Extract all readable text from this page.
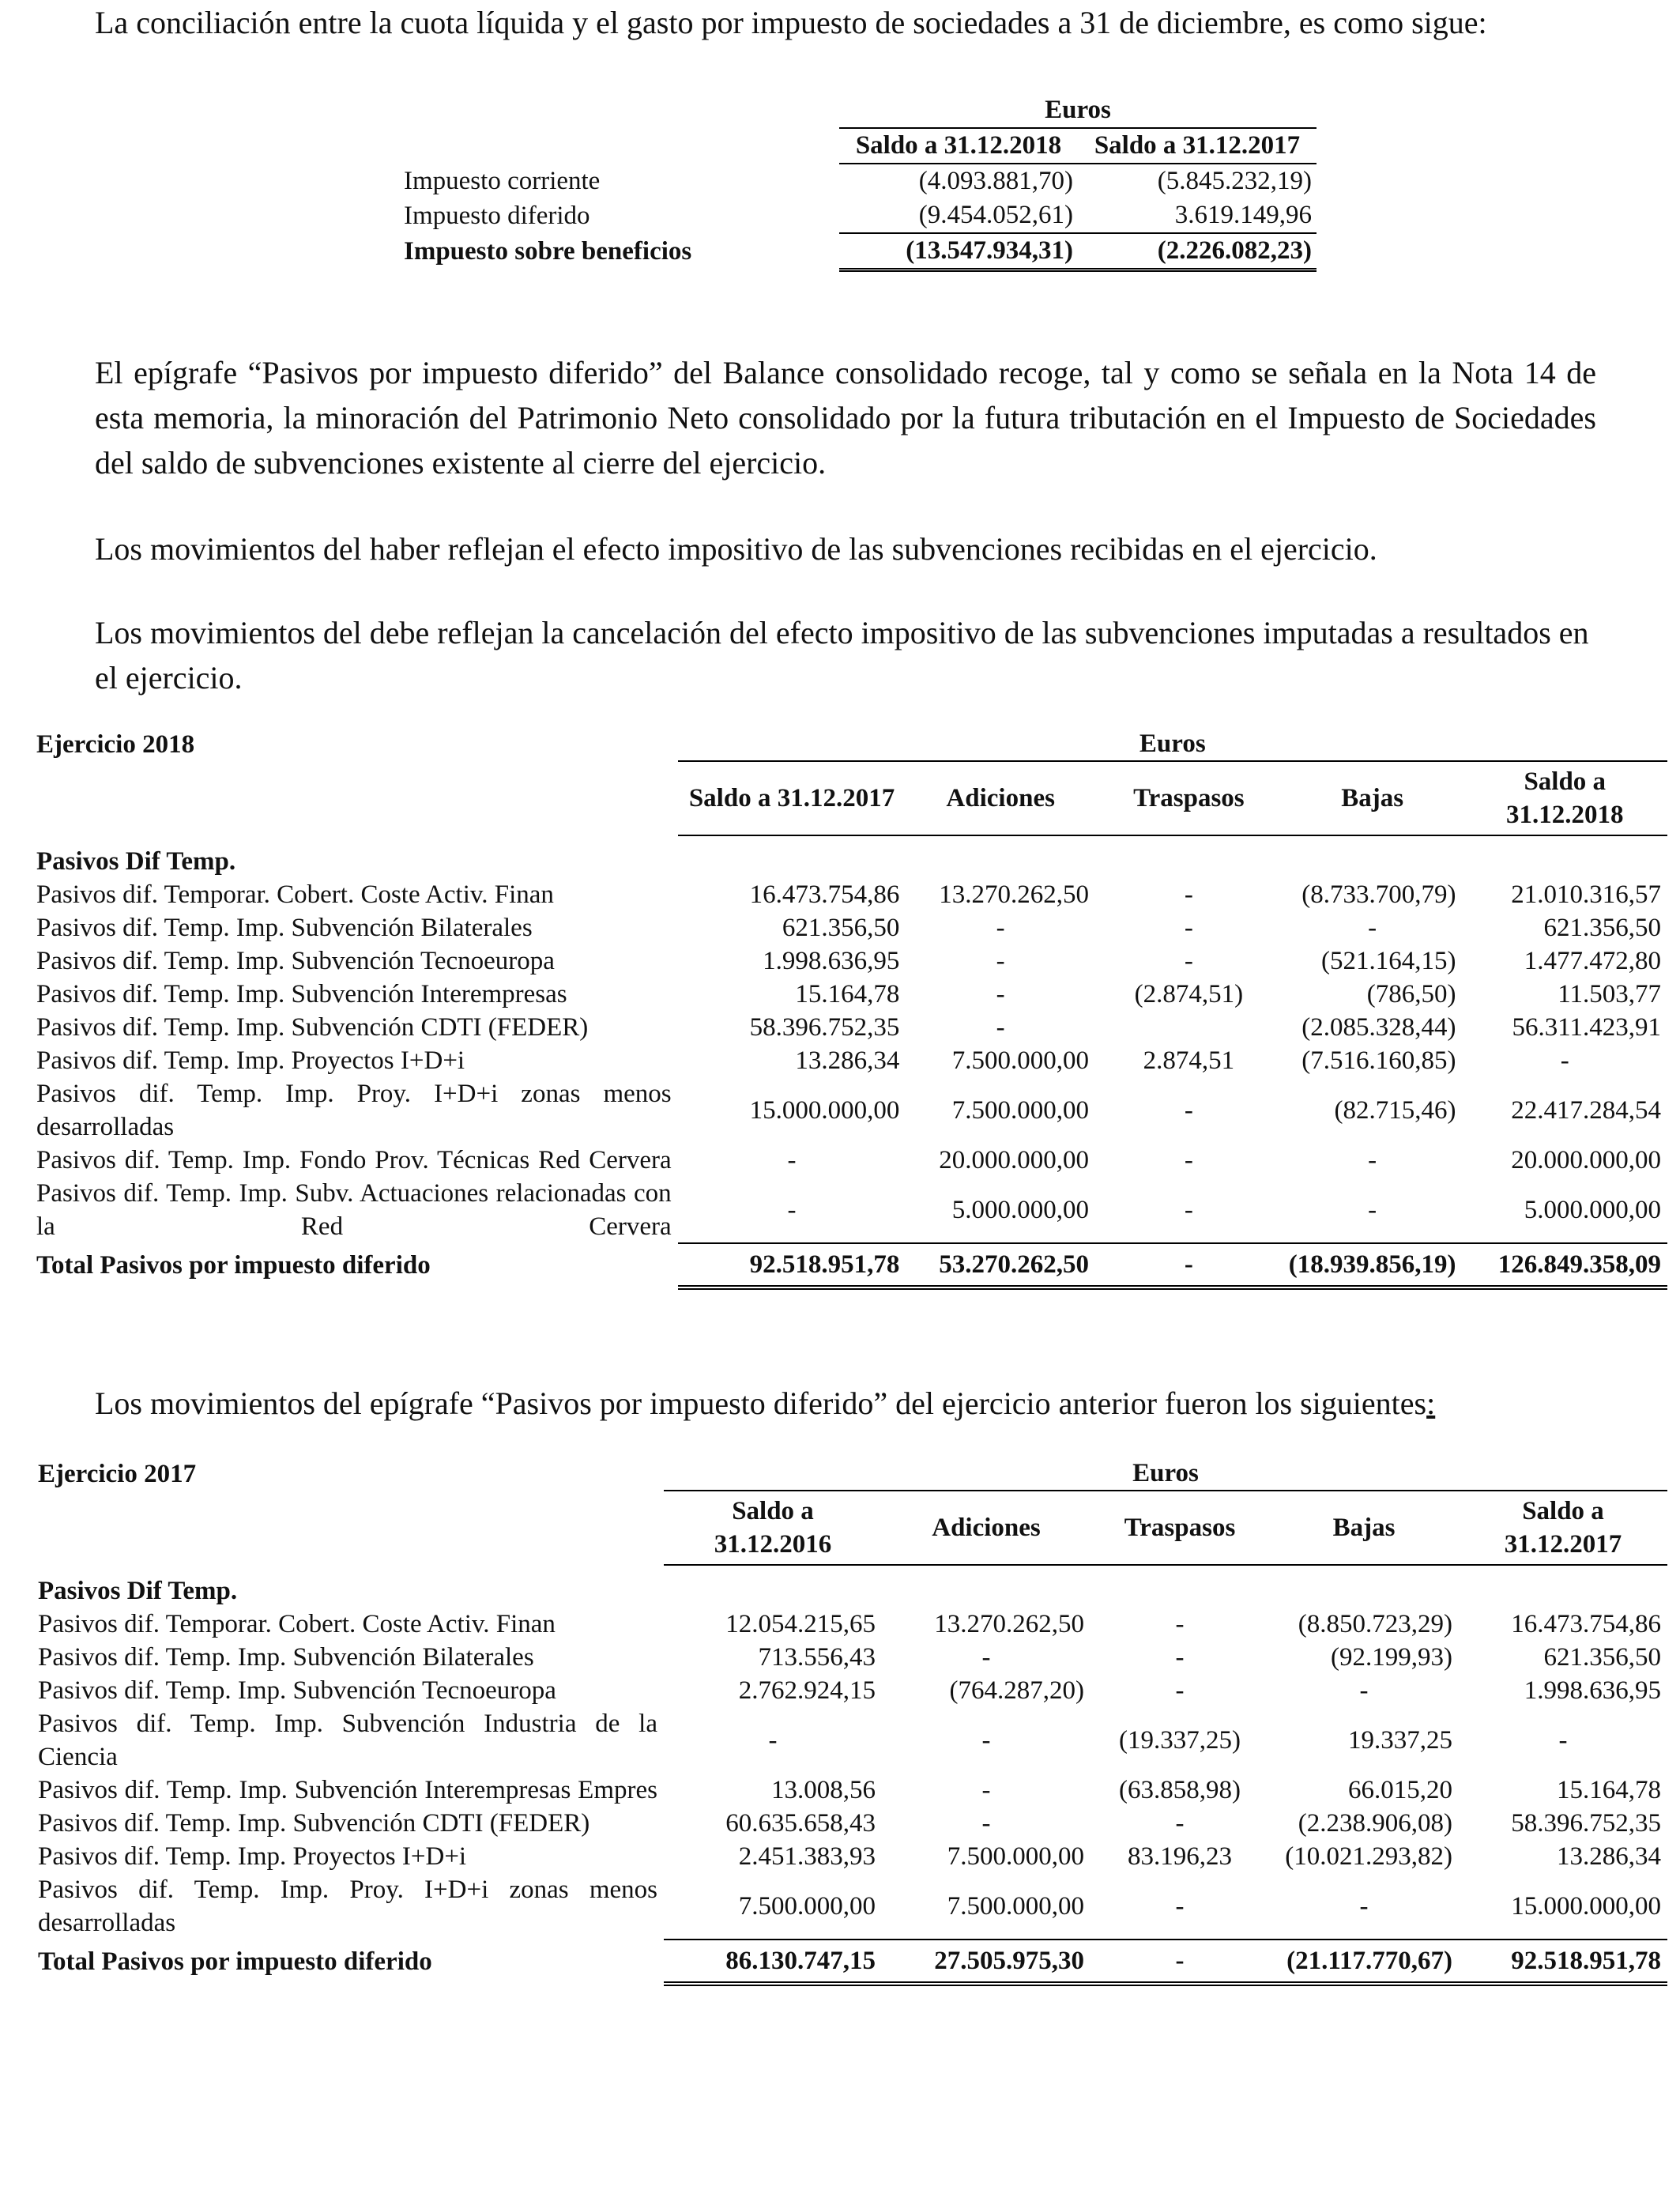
La conciliación entre la cuota líquida y el gasto por impuesto de sociedades a 31 de diciembre, es como sigue:

	Euros	
	Saldo a 31.12.2018	Saldo a 31.12.2017
Impuesto corriente	(4.093.881,70)	(5.845.232,19)
Impuesto diferido	(9.454.052,61)	3.619.149,96
Impuesto sobre beneficios	(13.547.934,31)	(2.226.082,23)

El epígrafe “Pasivos por impuesto diferido” del Balance consolidado recoge, tal y como se señala en la Nota 14 de esta memoria, la minoración del Patrimonio Neto consolidado por la futura tributación en el Impuesto de Sociedades del saldo de subvenciones existente al cierre del ejercicio.

Los movimientos del haber reflejan el efecto impositivo de las subvenciones recibidas en el ejercicio.

Los movimientos del debe reflejan la cancelación del efecto impositivo de las subvenciones imputadas a resultados en el ejercicio.

Ejercicio 2018	Euros				
	Saldo a 31.12.2017	Adiciones	Traspasos	Bajas	Saldo a 31.12.2018
Pasivos Dif Temp.					
Pasivos dif. Temporar. Cobert. Coste Activ. Finan	16.473.754,86	13.270.262,50	-	(8.733.700,79)	21.010.316,57
Pasivos dif. Temp. Imp. Subvención Bilaterales	621.356,50	-	-	-	621.356,50
Pasivos dif. Temp. Imp. Subvención Tecnoeuropa	1.998.636,95	-	-	(521.164,15)	1.477.472,80
Pasivos dif. Temp. Imp. Subvención Interempresas	15.164,78	-	(2.874,51)	(786,50)	11.503,77
Pasivos dif. Temp. Imp. Subvención CDTI (FEDER)	58.396.752,35	-		(2.085.328,44)	56.311.423,91
Pasivos dif. Temp. Imp. Proyectos I+D+i	13.286,34	7.500.000,00	2.874,51	(7.516.160,85)	-
Pasivos dif. Temp. Imp. Proy. I+D+i zonas menos desarrolladas	15.000.000,00	7.500.000,00	-	(82.715,46)	22.417.284,54
Pasivos dif. Temp. Imp. Fondo Prov. Técnicas Red Cervera	-	20.000.000,00	-	-	20.000.000,00
Pasivos dif. Temp. Imp. Subv. Actuaciones relacionadas con la Red Cervera	-	5.000.000,00	-	-	5.000.000,00
Total Pasivos por impuesto diferido	92.518.951,78	53.270.262,50	-	(18.939.856,19)	126.849.358,09

Los movimientos del epígrafe “Pasivos por impuesto diferido” del ejercicio anterior fueron los siguientes:

Ejercicio 2017	Euros				
	Saldo a 31.12.2016	Adiciones	Traspasos	Bajas	Saldo a 31.12.2017
Pasivos Dif Temp.					
Pasivos dif. Temporar. Cobert. Coste Activ. Finan	12.054.215,65	13.270.262,50	-	(8.850.723,29)	16.473.754,86
Pasivos dif. Temp. Imp. Subvención Bilaterales	713.556,43	-	-	(92.199,93)	621.356,50
Pasivos dif. Temp. Imp. Subvención Tecnoeuropa	2.762.924,15	(764.287,20)	-	-	1.998.636,95
Pasivos dif. Temp. Imp. Subvención Industria de la Ciencia	-	-	(19.337,25)	19.337,25	-
Pasivos dif. Temp. Imp. Subvención Interempresas Empres	13.008,56	-	(63.858,98)	66.015,20	15.164,78
Pasivos dif. Temp. Imp. Subvención CDTI (FEDER)	60.635.658,43	-	-	(2.238.906,08)	58.396.752,35
Pasivos dif. Temp. Imp. Proyectos I+D+i	2.451.383,93	7.500.000,00	83.196,23	(10.021.293,82)	13.286,34
Pasivos dif. Temp. Imp. Proy. I+D+i zonas menos desarrolladas	7.500.000,00	7.500.000,00	-	-	15.000.000,00
Total Pasivos por impuesto diferido	86.130.747,15	27.505.975,30	-	(21.117.770,67)	92.518.951,78
